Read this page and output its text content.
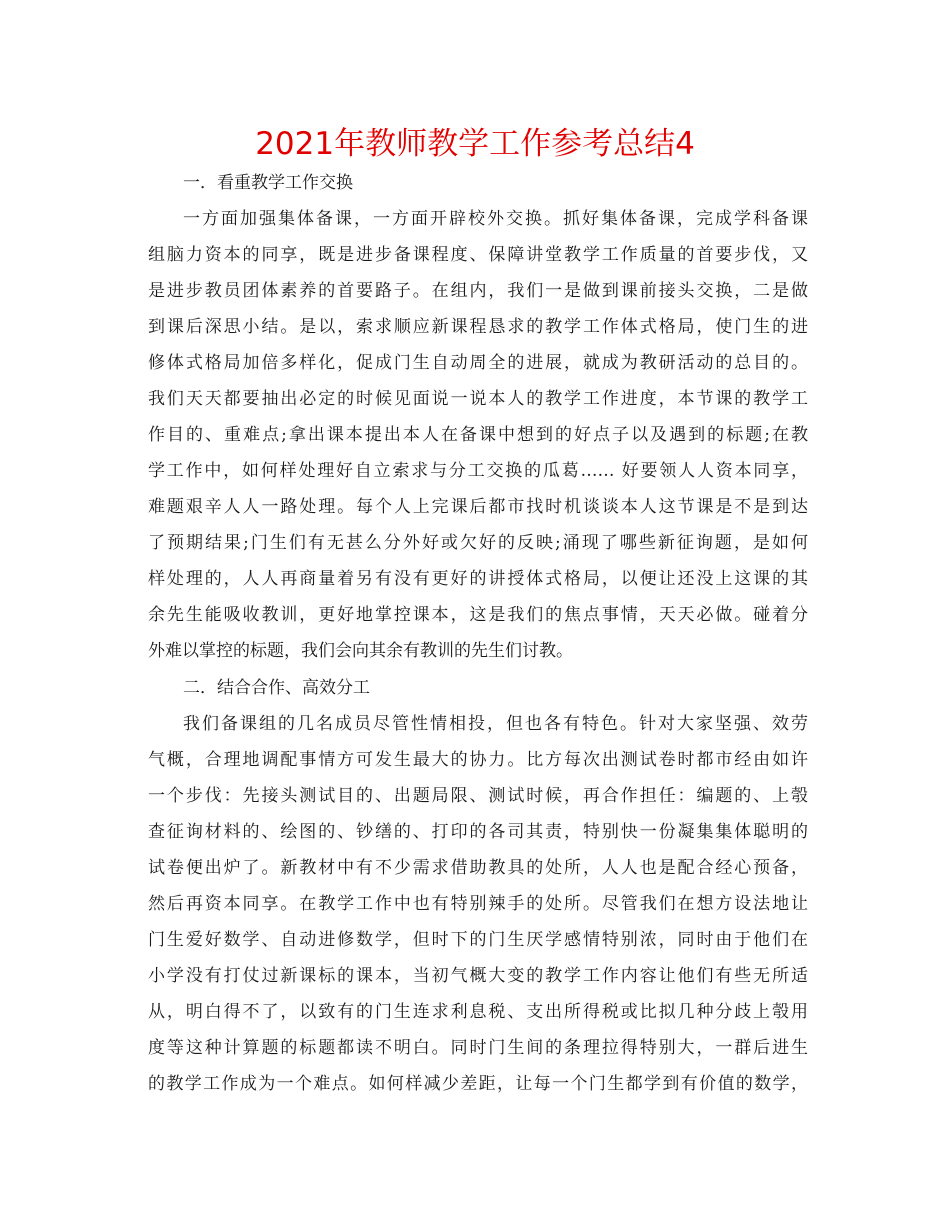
2021年教师教学工作参考总结4

一．看重教学工作交换

一方面加强集体备课，一方面开辟校外交换。抓好集体备课，完成学科备课

组脑力资本的同享，既是进步备课程度、保障讲堂教学工作质量的首要步伐，又

是进步教员团体素养的首要路子。在组内，我们一是做到课前接头交换，二是做

到课后深思小结。是以，索求顺应新课程恳求的教学工作体式格局，使门生的进

修体式格局加倍多样化，促成门生自动周全的进展，就成为教研活动的总目的。

我们天天都要抽出必定的时候见面说一说本人的教学工作进度，本节课的教学工

作目的、重难点;拿出课本提出本人在备课中想到的好点子以及遇到的标题;在教

学工作中，如何样处理好自立索求与分工交换的瓜葛…… 好要领人人资本同享，

难题艰辛人人一路处理。每个人上完课后都市找时机谈谈本人这节课是不是到达

了预期结果;门生们有无甚么分外好或欠好的反映;涌现了哪些新征询题，是如何

样处理的，人人再商量着另有没有更好的讲授体式格局，以便让还没上这课的其

余先生能吸收教训，更好地掌控课本，这是我们的焦点事情，天天必做。碰着分

外难以掌控的标题，我们会向其余有教训的先生们讨教。

二．结合合作、高效分工

我们备课组的几名成员尽管性情相投，但也各有特色。针对大家坚强、效劳

气概，合理地调配事情方可发生最大的协力。比方每次出测试卷时都市经由如许

一个步伐：先接头测试目的、出题局限、测试时候，再合作担任：编题的、上彀

查征询材料的、绘图的、钞缮的、打印的各司其责，特别快一份凝集集体聪明的

试卷便出炉了。新教材中有不少需求借助教具的处所，人人也是配合经心预备，

然后再资本同享。在教学工作中也有特别辣手的处所。尽管我们在想方设法地让

门生爱好数学、自动进修数学，但时下的门生厌学感情特别浓，同时由于他们在

小学没有打仗过新课标的课本，当初气概大变的教学工作内容让他们有些无所适

从，明白得不了，以致有的门生连求利息税、支出所得税或比拟几种分歧上彀用

度等这种计算题的标题都读不明白。同时门生间的条理拉得特别大，一群后进生

的教学工作成为一个难点。如何样减少差距，让每一个门生都学到有价值的数学，
